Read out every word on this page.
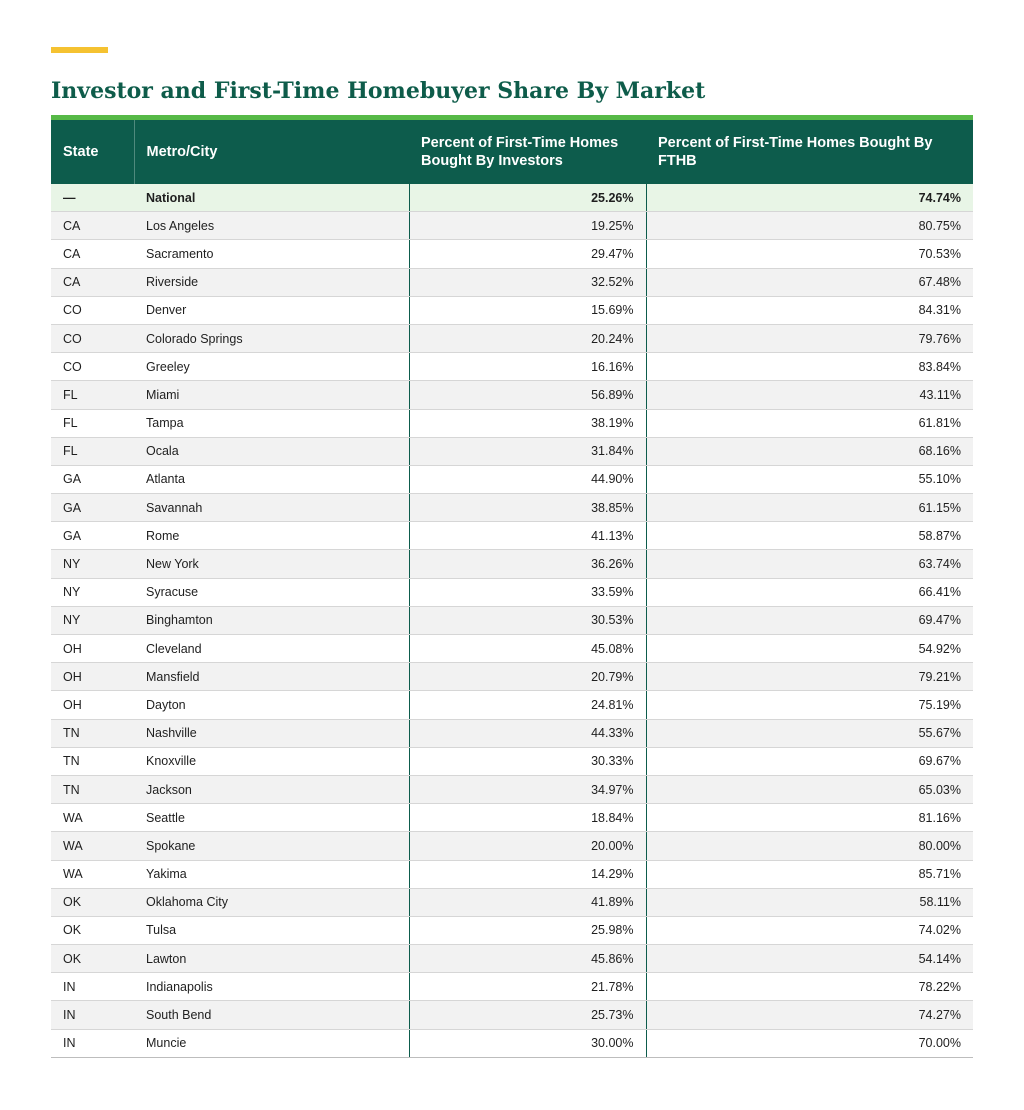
Investor and First-Time Homebuyer Share By Market
State	Metro/City	Percent of First-Time Homes Bought By Investors	Percent of First-Time Homes Bought By FTHB
—	National	25.26%	74.74%
CA	Los Angeles	19.25%	80.75%
CA	Sacramento	29.47%	70.53%
CA	Riverside	32.52%	67.48%
CO	Denver	15.69%	84.31%
CO	Colorado Springs	20.24%	79.76%
CO	Greeley	16.16%	83.84%
FL	Miami	56.89%	43.11%
FL	Tampa	38.19%	61.81%
FL	Ocala	31.84%	68.16%
GA	Atlanta	44.90%	55.10%
GA	Savannah	38.85%	61.15%
GA	Rome	41.13%	58.87%
NY	New York	36.26%	63.74%
NY	Syracuse	33.59%	66.41%
NY	Binghamton	30.53%	69.47%
OH	Cleveland	45.08%	54.92%
OH	Mansfield	20.79%	79.21%
OH	Dayton	24.81%	75.19%
TN	Nashville	44.33%	55.67%
TN	Knoxville	30.33%	69.67%
TN	Jackson	34.97%	65.03%
WA	Seattle	18.84%	81.16%
WA	Spokane	20.00%	80.00%
WA	Yakima	14.29%	85.71%
OK	Oklahoma City	41.89%	58.11%
OK	Tulsa	25.98%	74.02%
OK	Lawton	45.86%	54.14%
IN	Indianapolis	21.78%	78.22%
IN	South Bend	25.73%	74.27%
IN	Muncie	30.00%	70.00%
